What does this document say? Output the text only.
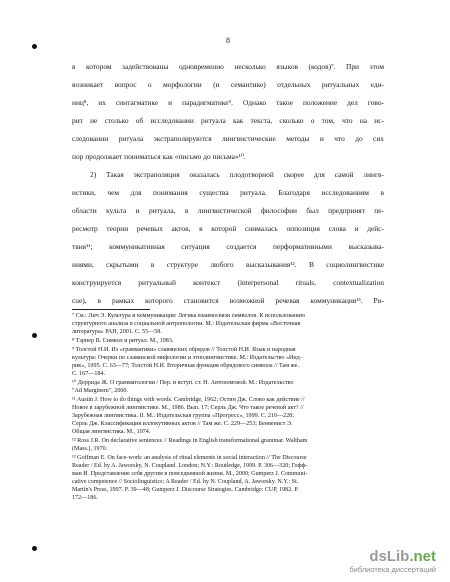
8
в котором задействованы одновременно несколько языков (кодов)⁷. При этом
возникает вопрос о морфологии (и семантике) отдельных ритуальных еди-
ниц⁸, их синтагматике и парадигматике⁹. Однако такое положение дел гово-
рит не столько об исследовании ритуала как текста, сколько о том, что на ис-
следовании ритуала экстраполируются лингвистические методы и что до сих
пор продолжает пониматься как «письмо до письма»¹⁰.
2) Такая экстраполяция оказалась плодотворной скорее для самой лингв-
истики, чем для понимания существа ритуала. Благодаря исследованиям в
области культа и ритуала, в лингвистической философии был предпринят пе-
ресмотр теории речевых актов, в которой снималась оппозиция слова и дейс-
твия¹¹; коммуникативная ситуация создается перформативными высказыва-
ниями, скрытыми в структуре любого высказывания¹². В социолингвистике
конструируется ритуальный контекст (interpersonal rituals, contextualization
cue), в рамках которого становится возможной речевая коммуникация¹³. Ри-
⁷ См.: Лич Э. Культура и коммуникация: Логика взаимосвязи символов. К использованию
структурного анализа в социальной антропологии. М.: Издательская фирма «Восточная
литература» РАН, 2001. С. 55—58.
⁸ Тэрнер В. Символ и ритуал. М., 1983.
⁹ Толстой Н.И. Из «грамматики» славянских обрядов // Толстой Н.И. Язык и народная
культура: Очерки по славянской мифологии и этнолингвистике. М.: Издательство «Инд-
рик», 1995. С. 63—77; Толстой Н.И. Вторичная функция обрядового символа // Там же.
С. 167—184.
¹⁰ Деррида Ж. О грамматологии / Пер. и вступ. ст. Н. Автономовой. М.: Издательство
"Ad Marginem", 2000.
¹¹ Austin J. How to do things with words. Cambridge, 1962; Остин Дж. Слово как действие //
Новое в зарубежной лингвистике. М., 1986. Вып. 17; Серль Дж. Что такое речевой акт? //
Зарубежная лингвистика. II. М.: Издательская группа «Прогресс», 1999. С. 210—228;
Серль Дж. Классификация иллокутивных актов // Там же. С. 229—253; Бенвенист Э.
Общая лингвистика. М., 1974.
¹² Ross J.R. On declarative sentences // Readings in English transformational grammar. Waltham
(Mass.), 1970.
¹³ Goffman E. On face-work: an analysis of ritual elements in social interaction // The Discourse
Reader / Ed. by A. Jaworsky, N. Coupland. London; N.Y.: Routledge, 1999. P. 306—320; Гофф-
ман И. Представление себя другим в повседневной жизни. М., 2000; Gumperz J. Communi-
cative competence // Sociolinguistics: A Reader / Ed. by N. Coupland, A. Jaworsky. N.Y.: St.
Martin's Press, 1997. P. 39—48; Gumperz J. Discourse Strategies. Cambridge: CUP, 1982. P.
172—186.
dsLib.net
библиотека диссертаций
